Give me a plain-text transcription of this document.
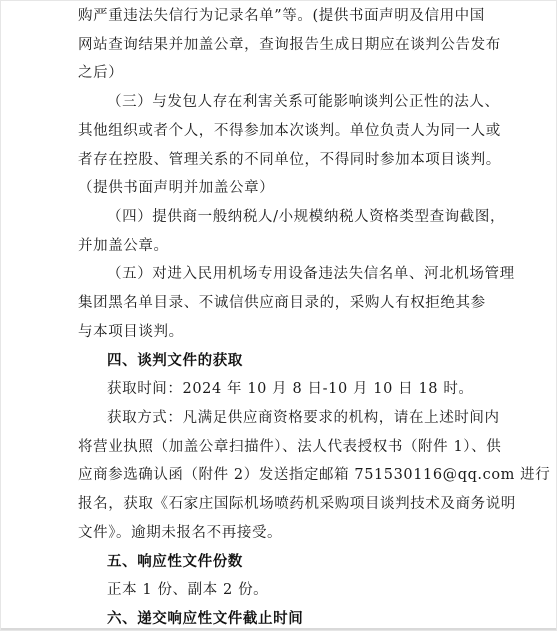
购严重违法失信行为记录名单”等。(提供书面声明及信用中国
网站查询结果并加盖公章，查询报告生成日期应在谈判公告发布
之后）
（三）与发包人存在利害关系可能影响谈判公正性的法人、
其他组织或者个人，不得参加本次谈判。单位负责人为同一人或
者存在控股、管理关系的不同单位，不得同时参加本项目谈判。
（提供书面声明并加盖公章）
（四）提供商一般纳税人/小规模纳税人资格类型查询截图，
并加盖公章。
（五）对进入民用机场专用设备违法失信名单、河北机场管理
集团黑名单目录、不诚信供应商目录的，采购人有权拒绝其参
与本项目谈判。
四、谈判文件的获取
获取时间：2024 年 10 月 8 日-10 月 10 日 18 时。
获取方式：凡满足供应商资格要求的机构，请在上述时间内
将营业执照（加盖公章扫描件）、法人代表授权书（附件 1）、供
应商参选确认函（附件 2）发送指定邮箱 751530116@qq.com 进行
报名，获取《石家庄国际机场喷药机采购项目谈判技术及商务说明
文件》。逾期未报名不再接受。
五、响应性文件份数
正本 1 份、副本 2 份。
六、递交响应性文件截止时间
